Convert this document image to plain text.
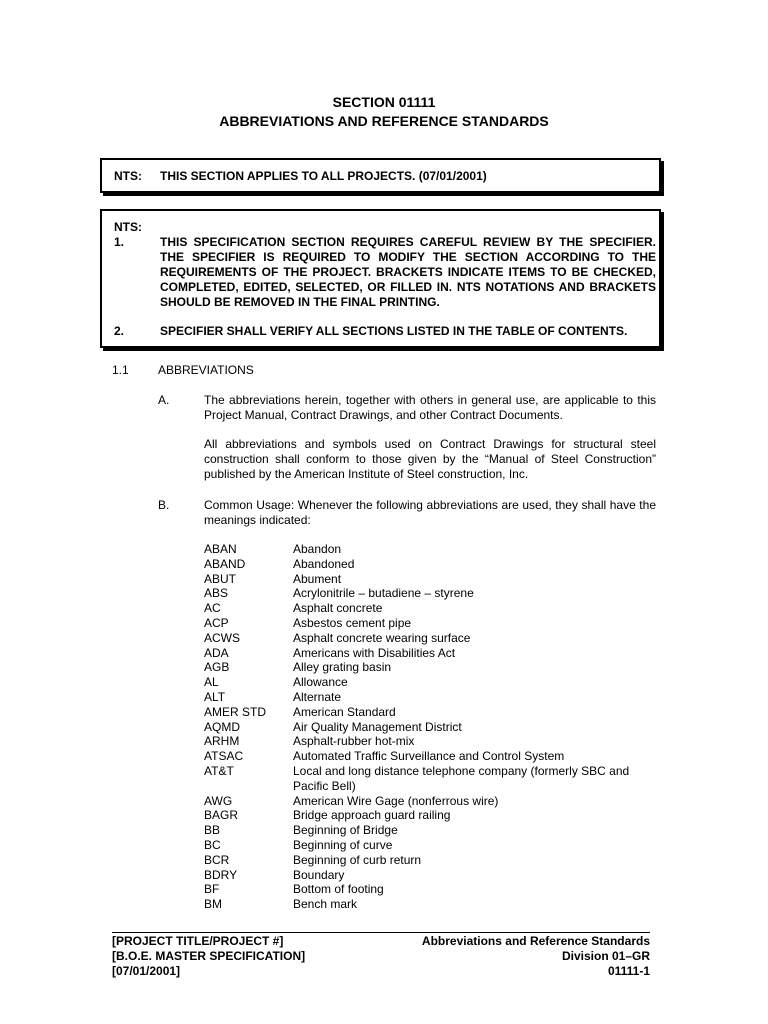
SECTION 01111
ABBREVIATIONS AND REFERENCE STANDARDS
NTS: THIS SECTION APPLIES TO ALL PROJECTS. (07/01/2001)
NTS:
1.	THIS SPECIFICATION SECTION REQUIRES CAREFUL REVIEW BY THE SPECIFIER. THE SPECIFIER IS REQUIRED TO MODIFY THE SECTION ACCORDING TO THE REQUIREMENTS OF THE PROJECT. BRACKETS INDICATE ITEMS TO BE CHECKED, COMPLETED, EDITED, SELECTED, OR FILLED IN. NTS NOTATIONS AND BRACKETS SHOULD BE REMOVED IN THE FINAL PRINTING.
2.	SPECIFIER SHALL VERIFY ALL SECTIONS LISTED IN THE TABLE OF CONTENTS.
1.1 ABBREVIATIONS
A.	The abbreviations herein, together with others in general use, are applicable to this Project Manual, Contract Drawings, and other Contract Documents.
All abbreviations and symbols used on Contract Drawings for structural steel construction shall conform to those given by the “Manual of Steel Construction” published by the American Institute of Steel construction, Inc.
B.	Common Usage: Whenever the following abbreviations are used, they shall have the meanings indicated:
ABAN	Abandon
ABAND	Abandoned
ABUT	Abument
ABS	Acrylonitrile – butadiene – styrene
AC	Asphalt concrete
ACP	Asbestos cement pipe
ACWS	Asphalt concrete wearing surface
ADA	Americans with Disabilities Act
AGB	Alley grating basin
AL	Allowance
ALT	Alternate
AMER STD	American Standard
AQMD	Air Quality Management District
ARHM	Asphalt-rubber hot-mix
ATSAC	Automated Traffic Surveillance and Control System
AT&T	Local and long distance telephone company (formerly SBC and Pacific Bell)
AWG	American Wire Gage (nonferrous wire)
BAGR	Bridge approach guard railing
BB	Beginning of Bridge
BC	Beginning of curve
BCR	Beginning of curb return
BDRY	Boundary
BF	Bottom of footing
BM	Bench mark
[PROJECT TITLE/PROJECT #]
[B.O.E. MASTER SPECIFICATION]
[07/01/2001]
Abbreviations and Reference Standards
Division 01–GR
01111-1
